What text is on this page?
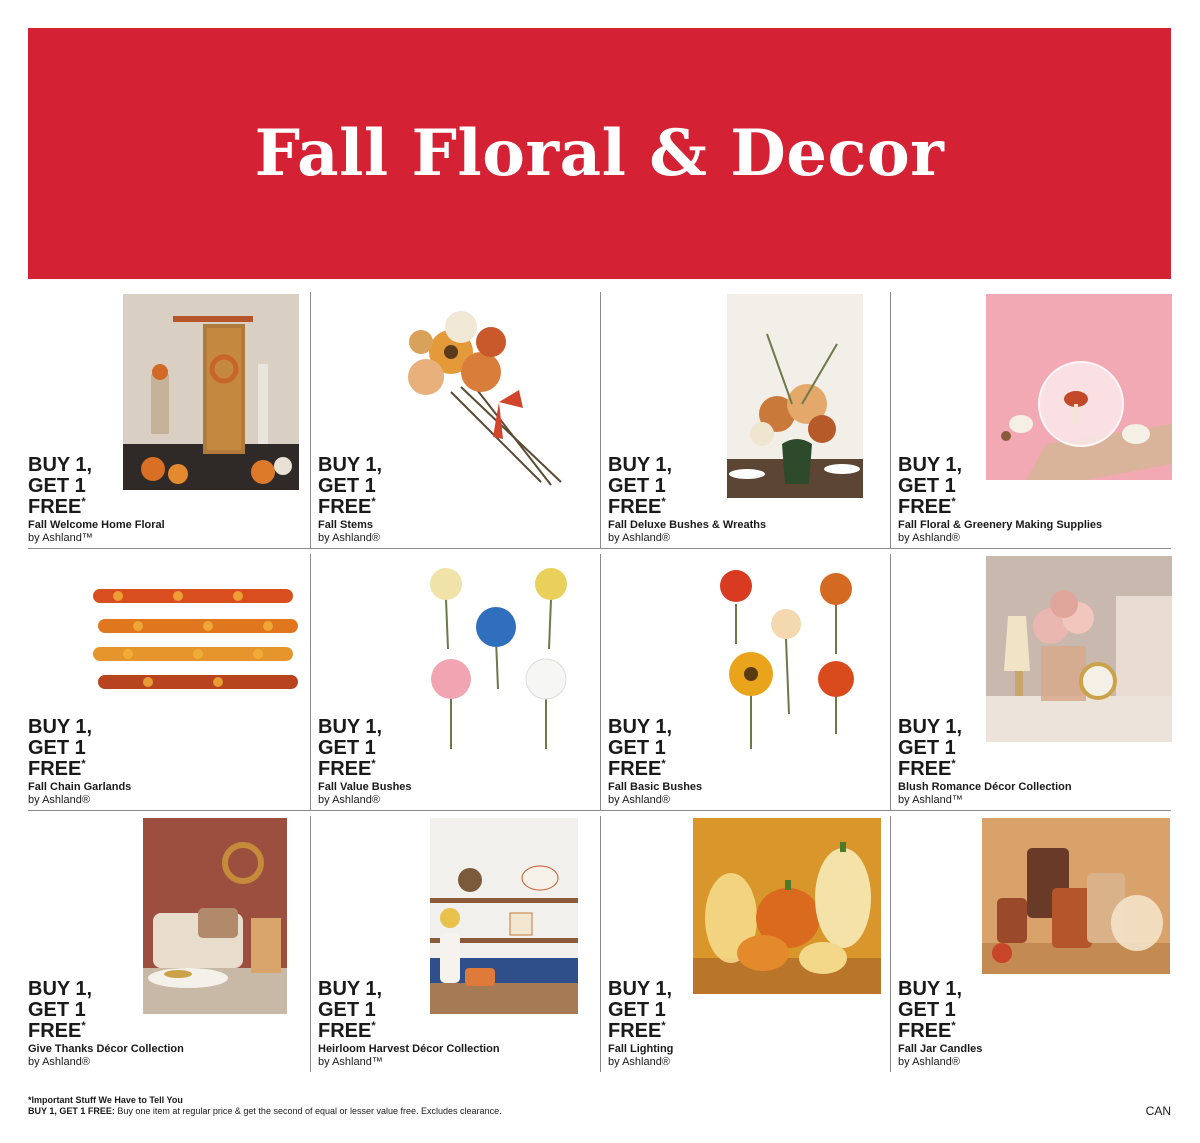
Fall Floral & Decor
BUY 1,
GET 1
FREE*
Fall Welcome Home Floral
by Ashland™
BUY 1,
GET 1
FREE*
Fall Stems
by Ashland®
BUY 1,
GET 1
FREE*
Fall Deluxe Bushes & Wreaths
by Ashland®
BUY 1,
GET 1
FREE*
Fall Floral & Greenery Making Supplies
by Ashland®
BUY 1,
GET 1
FREE*
Fall Chain Garlands
by Ashland®
BUY 1,
GET 1
FREE*
Fall Value Bushes
by Ashland®
BUY 1,
GET 1
FREE*
Fall Basic Bushes
by Ashland®
BUY 1,
GET 1
FREE*
Blush Romance Décor Collection
by Ashland™
BUY 1,
GET 1
FREE*
Give Thanks Décor Collection
by Ashland®
BUY 1,
GET 1
FREE*
Heirloom Harvest Décor Collection
by Ashland™
BUY 1,
GET 1
FREE*
Fall Lighting
by Ashland®
BUY 1,
GET 1
FREE*
Fall Jar Candles
by Ashland®
*Important Stuff We Have to Tell You
BUY 1, GET 1 FREE: Buy one item at regular price & get the second of equal or lesser value free. Excludes clearance.	CAN
